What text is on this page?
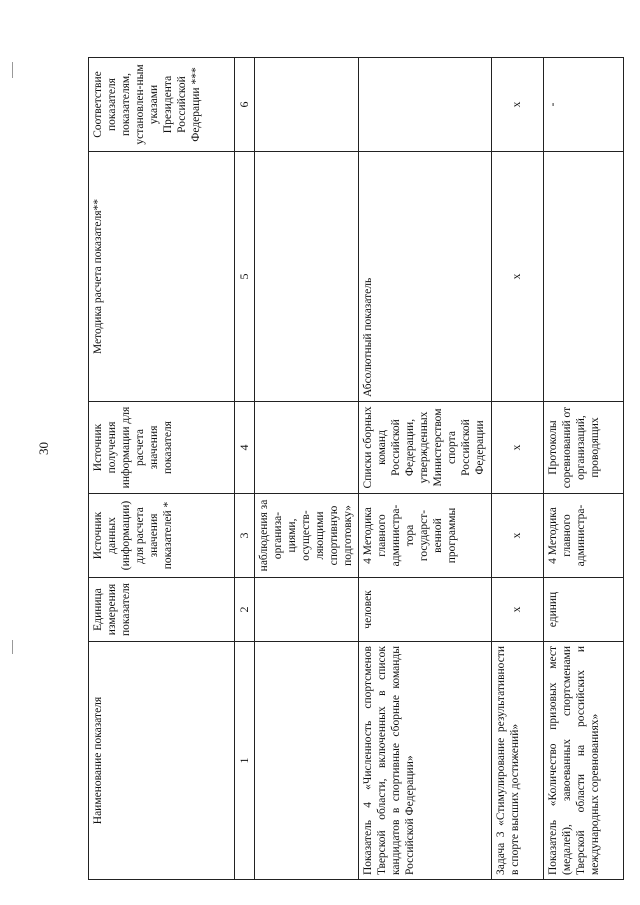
30
Наименование показателя	Единица измерения показателя	Источник данных (информации) для расчета значения показателей *	Источник получения информации для расчета значения показателя	Методика расчета показателя**	Соответствие показателя показателям, установлен-ным указами Президента Российской Федерации ***
1	2	3	4	5	6
		наблюдения за организа-циями, осуществ-ляющими спортивную подготовку»			
Показатель 4 «Численность спортсменов Тверской области, включенных в список кандидатов в спортивные сборные команды Российской Федерации»	человек	4 Методика главного администра-тора государст-венной программы	Списки сборных команд Российской Федерации, утвержденных Министерством спорта Российской Федерации	Абсолютный показатель	
Задача 3 «Стимулирование результативности в спорте высших достижений»	х	х	х	х	х
Показатель «Количество призовых мест (медалей), завоеванных спортсменами Тверской области на российских и международных соревнованиях»	единиц	4 Методика главного администра-	Протоколы соревнований от организаций, проводящих		-
